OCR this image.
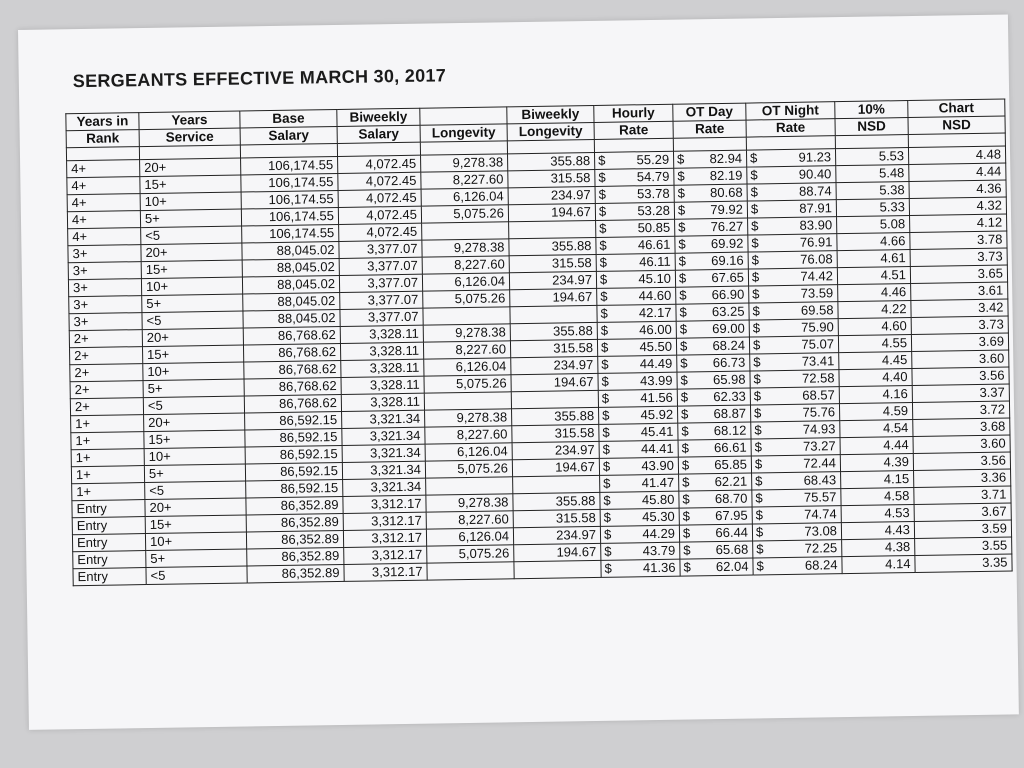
SERGEANTS EFFECTIVE MARCH 30, 2017
Years in	Years	Base	Biweekly		Biweekly	Hourly	OT Day	OT Night	10%	Chart
Rank	Service	Salary	Salary	Longevity	Longevity	Rate	Rate	Rate	NSD	NSD

4+	20+	106,174.55	4,072.45	9,278.38	355.88	$ 55.29	$ 82.94	$ 91.23	5.53	4.48
4+	15+	106,174.55	4,072.45	8,227.60	315.58	$ 54.79	$ 82.19	$ 90.40	5.48	4.44
4+	10+	106,174.55	4,072.45	6,126.04	234.97	$ 53.78	$ 80.68	$ 88.74	5.38	4.36
4+	5+	106,174.55	4,072.45	5,075.26	194.67	$ 53.28	$ 79.92	$ 87.91	5.33	4.32
4+	<5	106,174.55	4,072.45			$ 50.85	$ 76.27	$ 83.90	5.08	4.12
3+	20+	88,045.02	3,377.07	9,278.38	355.88	$ 46.61	$ 69.92	$ 76.91	4.66	3.78
3+	15+	88,045.02	3,377.07	8,227.60	315.58	$ 46.11	$ 69.16	$ 76.08	4.61	3.73
3+	10+	88,045.02	3,377.07	6,126.04	234.97	$ 45.10	$ 67.65	$ 74.42	4.51	3.65
3+	5+	88,045.02	3,377.07	5,075.26	194.67	$ 44.60	$ 66.90	$ 73.59	4.46	3.61
3+	<5	88,045.02	3,377.07			$ 42.17	$ 63.25	$ 69.58	4.22	3.42
2+	20+	86,768.62	3,328.11	9,278.38	355.88	$ 46.00	$ 69.00	$ 75.90	4.60	3.73
2+	15+	86,768.62	3,328.11	8,227.60	315.58	$ 45.50	$ 68.24	$ 75.07	4.55	3.69
2+	10+	86,768.62	3,328.11	6,126.04	234.97	$ 44.49	$ 66.73	$ 73.41	4.45	3.60
2+	5+	86,768.62	3,328.11	5,075.26	194.67	$ 43.99	$ 65.98	$ 72.58	4.40	3.56
2+	<5	86,768.62	3,328.11			$ 41.56	$ 62.33	$ 68.57	4.16	3.37
1+	20+	86,592.15	3,321.34	9,278.38	355.88	$ 45.92	$ 68.87	$ 75.76	4.59	3.72
1+	15+	86,592.15	3,321.34	8,227.60	315.58	$ 45.41	$ 68.12	$ 74.93	4.54	3.68
1+	10+	86,592.15	3,321.34	6,126.04	234.97	$ 44.41	$ 66.61	$ 73.27	4.44	3.60
1+	5+	86,592.15	3,321.34	5,075.26	194.67	$ 43.90	$ 65.85	$ 72.44	4.39	3.56
1+	<5	86,592.15	3,321.34			$ 41.47	$ 62.21	$ 68.43	4.15	3.36
Entry	20+	86,352.89	3,312.17	9,278.38	355.88	$ 45.80	$ 68.70	$ 75.57	4.58	3.71
Entry	15+	86,352.89	3,312.17	8,227.60	315.58	$ 45.30	$ 67.95	$ 74.74	4.53	3.67
Entry	10+	86,352.89	3,312.17	6,126.04	234.97	$ 44.29	$ 66.44	$ 73.08	4.43	3.59
Entry	5+	86,352.89	3,312.17	5,075.26	194.67	$ 43.79	$ 65.68	$ 72.25	4.38	3.55
Entry	<5	86,352.89	3,312.17			$ 41.36	$ 62.04	$ 68.24	4.14	3.35
